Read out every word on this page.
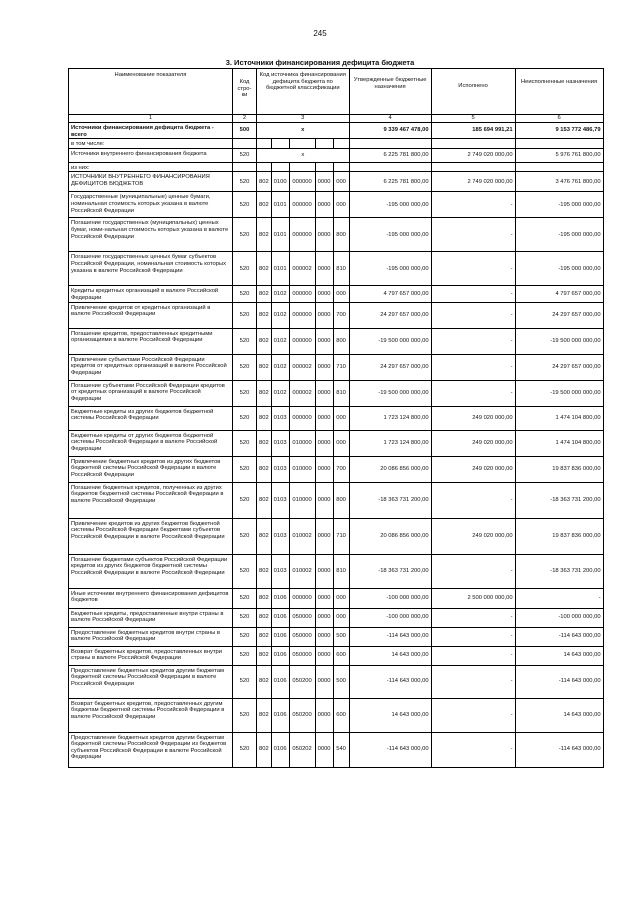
245
3. Источники финансирования дефицита бюджета
Наименование показателя	Код стро-ки	Код источника финансирования дефицита бюджета по бюджетной классификации					Утвержденные бюджетные назначения	Исполнено	Неисполненные назначения
1	2	3					4	5	6
Источники финансирования дефицита бюджета - всего	500	x					9 339 467 478,00	185 694 991,21	9 153 772 486,79
в том числе:									
Источники внутреннего финансирования бюджета	520	x					6 225 781 800,00	2 749 020 000,00	5 976 761 800,00
из них:									
ИСТОЧНИКИ ВНУТРЕННЕГО ФИНАНСИРОВАНИЯ ДЕФИЦИТОВ БЮДЖЕТОВ	520	802	0100	000000	0000	000	6 225 781 800,00	2 749 020 000,00	3 476 761 800,00
Государственные (муниципальные) ценные бумаги, номинальная стоимость которых указана в валюте Российской Федерации	520	802	0101	000000	0000	000	-195 000 000,00	-	-195 000 000,00
Погашение государственных (муниципальных) ценных бумаг, номи-нальная стоимость которых указана в валюте Российской Федерации	520	802	0101	000000	0000	800	-195 000 000,00	-	-195 000 000,00
Погашение государственных ценных бумаг субъектов Российской Федерации, номинальная стоимость которых указана в валюте Российской Федерации	520	802	0101	000002	0000	810	-195 000 000,00	-	-195 000 000,00
Кредиты кредитных организаций в валюте Российской Федерации	520	802	0102	000000	0000	000	4 797 657 000,00	-	4 797 657 000,00
Привлечение кредитов от кредитных организаций в валюте Российской Федерации	520	802	0102	000000	0000	700	24 297 657 000,00	-	24 297 657 000,00
Погашение кредитов, предоставленных кредитными организациями в валюте Российской Федерации	520	802	0102	000000	0000	800	-19 500 000 000,00	-	-19 500 000 000,00
Привлечение субъектами Российской Федерации кредитов от кредитных организаций в валюте Российской Федерации	520	802	0102	000002	0000	710	24 297 657 000,00	-	24 297 657 000,00
Погашение субъектами Российской Федерации кредитов от кредитных организаций в валюте Российской Федерации	520	802	0102	000002	0000	810	-19 500 000 000,00	-	-19 500 000 000,00
Бюджетные кредиты из других бюджетов бюджетной системы Российской Федерации	520	802	0103	000000	0000	000	1 723 124 800,00	249 020 000,00	1 474 104 800,00
Бюджетные кредиты от других бюджетов бюджетной системы Российской Федерации в валюте Российской Федерации	520	802	0103	010000	0000	000	1 723 124 800,00	249 020 000,00	1 474 104 800,00
Привлечение бюджетных кредитов из других бюджетов бюджетной системы Российской Федерации в валюте Российской Федерации	520	802	0103	010000	0000	700	20 086 856 000,00	249 020 000,00	19 837 836 000,00
Погашение бюджетных кредитов, полученных из других бюджетов бюджетной системы Российской Федерации в валюте Российской Федерации	520	802	0103	010000	0000	800	-18 363 731 200,00	-	-18 363 731 200,00
Привлечение кредитов из других бюджетов бюджетной системы Российской Федерации бюджетами субъектов Российской Федерации в валюте Российской Федерации	520	802	0103	010002	0000	710	20 086 856 000,00	249 020 000,00	19 837 836 000,00
Погашение бюджетами субъектов Российской Федерации кредитов из других бюджетов бюджетной системы Российской Федерации в валюте Российской Федерации	520	802	0103	010002	0000	810	-18 363 731 200,00	-	-18 363 731 200,00
Иные источники внутреннего финансирования дефицитов бюджетов	520	802	0106	000000	0000	000	-100 000 000,00	2 500 000 000,00	-
Бюджетные кредиты, предоставленные внутри страны в валюте Российской Федерации	520	802	0106	050000	0000	000	-100 000 000,00	-	-100 000 000,00
Предоставление бюджетных кредитов внутри страны в валюте Российской Федерации	520	802	0106	050000	0000	500	-114 643 000,00	-	-114 643 000,00
Возврат бюджетных кредитов, предоставленных внутри страны в валюте Российской Федерации	520	802	0106	050000	0000	600	14 643 000,00	-	14 643 000,00
Предоставление бюджетных кредитов другим бюджетам бюджетной системы Российской Федерации в валюте Российской Федерации	520	802	0106	050200	0000	500	-114 643 000,00	-	-114 643 000,00
Возврат бюджетных кредитов, предоставленных другим бюджетам бюджетной системы Российской Федерации в валюте Российской Федерации	520	802	0106	050200	0000	600	14 643 000,00	-	14 643 000,00
Предоставление бюджетных кредитов другим бюджетам бюджетной системы Российской Федерации из бюджетов субъектов Российской Федерации в валюте Российской Федерации	520	802	0106	050202	0000	540	-114 643 000,00	-	-114 643 000,00
